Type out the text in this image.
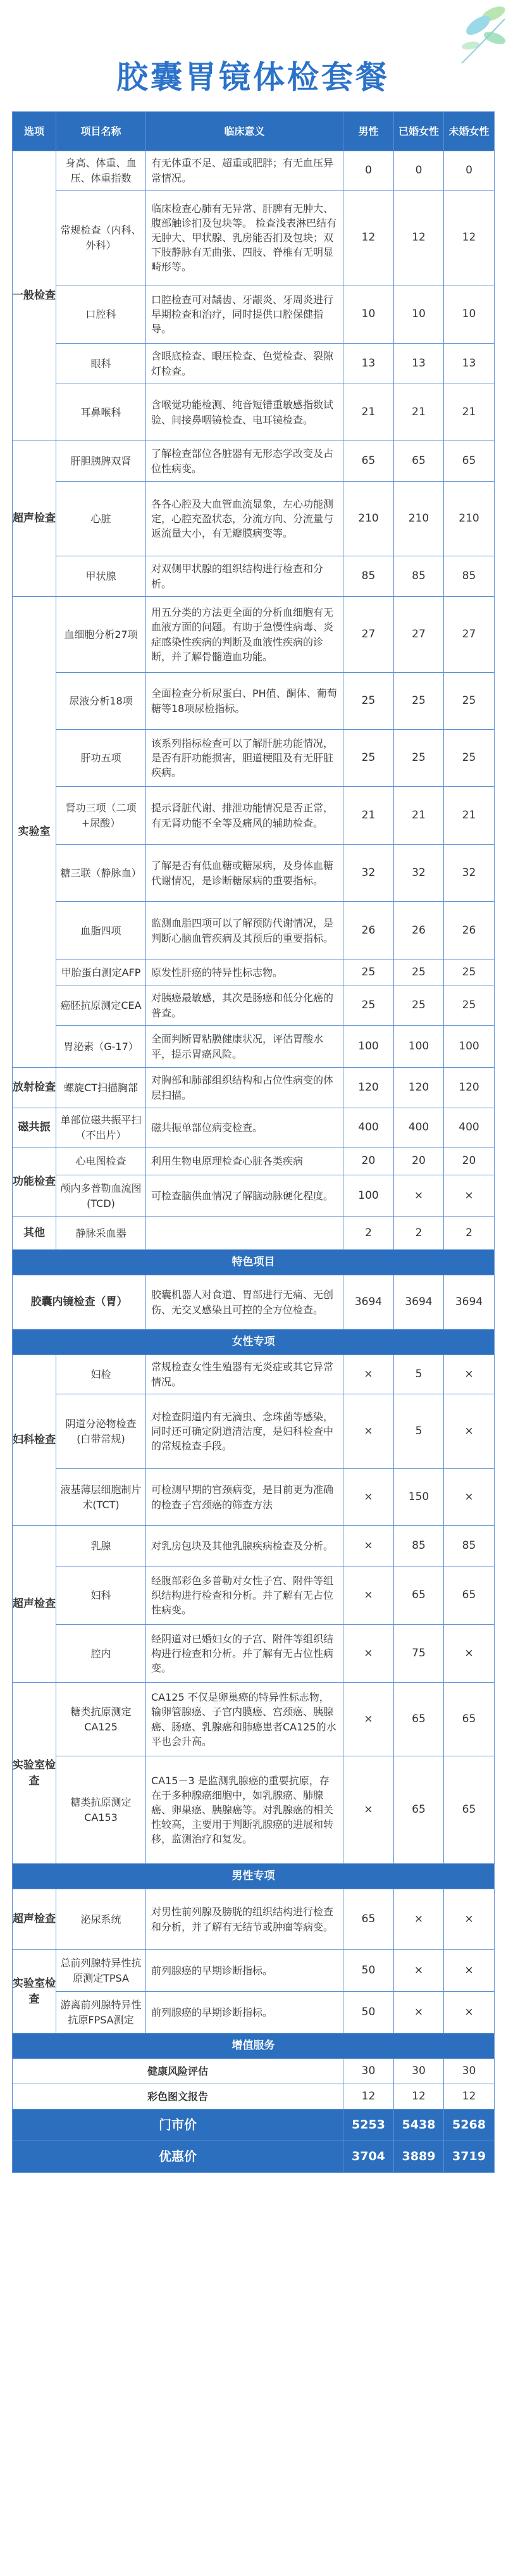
胶囊胃镜体检套餐
选项	项目名称	临床意义	男性	已婚女性	未婚女性
一般检查	身高、体重、血压、体重指数	有无体重不足、超重或肥胖；有无血压异常情况。	0	0	0
	常规检查（内科、外科）	临床检查心肺有无异常、肝脾有无肿大、腹部触诊扪及包块等。 检查浅表淋巴结有无肿大、甲状腺、乳房能否扪及包块；双下肢静脉有无曲张、四肢、脊椎有无明显畸形等。	12	12	12
	口腔科	口腔检查可对龋齿、牙龈炎、牙周炎进行早期检查和治疗，同时提供口腔保健指导。	10	10	10
	眼科	含眼底检查、眼压检查、色觉检查、裂隙灯检查。	13	13	13
	耳鼻喉科	含喉觉功能检测、纯音短错重敏感指数试验、间接鼻咽镜检查、电耳镜检查。	21	21	21
超声检查	肝胆胰脾双肾	了解检查部位各脏器有无形态学改变及占位性病变。	65	65	65
	心脏	各各心腔及大血管血流显象，左心功能测定，心腔充盈状态，分流方向、分流量与返流量大小，有无瓣膜病变等。	210	210	210
	甲状腺	对双侧甲状腺的组织结构进行检查和分析。	85	85	85
实验室	血细胞分析27项	用五分类的方法更全面的分析血细胞有无血液方面的问题。有助于急慢性病毒、炎症感染性疾病的判断及血液性疾病的诊断，并了解骨髓造血功能。	27	27	27
	尿液分析18项	全面检查分析尿蛋白、PH值、酮体、葡萄糖等18项尿检指标。	25	25	25
	肝功五项	该系列指标检查可以了解肝脏功能情况，是否有肝功能损害，胆道梗阻及有无肝脏疾病。	25	25	25
	肾功三项（二项+尿酸）	提示肾脏代谢、排泄功能情况是否正常，有无肾功能不全等及痛风的辅助检查。	21	21	21
	糖三联（静脉血）	了解是否有低血糖或糖尿病，及身体血糖代谢情况，是诊断糖尿病的重要指标。	32	32	32
	血脂四项	监测血脂四项可以了解预防代谢情况，是判断心脑血管疾病及其预后的重要指标。	26	26	26
	甲胎蛋白测定AFP	原发性肝癌的特异性标志物。	25	25	25
	癌胚抗原测定CEA	对胰癌最敏感，其次是肠癌和低分化癌的普查。	25	25	25
	胃泌素（G-17）	全面判断胃粘膜健康状况，评估胃酸水平，提示胃癌风险。	100	100	100
放射检查	螺旋CT扫描胸部	对胸部和肺部组织结构和占位性病变的体层扫描。	120	120	120
磁共振	单部位磁共振平扫（不出片）	磁共振单部位病变检查。	400	400	400
功能检查	心电图检查	利用生物电原理检查心脏各类疾病	20	20	20
	颅内多普勒血流图(TCD)	可检查脑供血情况了解脑动脉硬化程度。	100	×	×
其他	静脉采血器		2	2	2
特色项目					
胶囊内镜检查（胃）		胶囊机器人对食道、胃部进行无痛、无创伤、无交叉感染且可控的全方位检查。	3694	3694	3694
女性专项					
妇科检查	妇检	常规检查女性生殖器有无炎症或其它异常情况。	×	5	×
	阴道分泌物检查(白带常规)	对检查阴道内有无滴虫、念珠菌等感染，同时还可确定阴道清洁度，是妇科检查中的常规检查手段。	×	5	×
	液基薄层细胞制片术(TCT)	可检测早期的宫颈病变，是目前更为准确的检查子宫颈癌的筛查方法	×	150	×
超声检查	乳腺	对乳房包块及其他乳腺疾病检查及分析。	×	85	85
	妇科	经腹部彩色多普勒对女性子宫、附件等组织结构进行检查和分析。并了解有无占位性病变。	×	65	65
	腔内	经阴道对已婚妇女的子宫、附件等组织结构进行检查和分析。并了解有无占位性病变。	×	75	×
实验室检查	糖类抗原测定CA125	CA125 不仅是卵巢癌的特异性标志物，输卵管腺癌、子宫内膜癌、宫颈癌、胰腺癌、肠癌、乳腺癌和肺癌患者CA125的水平也会升高。	×	65	65
	糖类抗原测定CA153	CA15－3 是监测乳腺癌的重要抗原，存在于多种腺癌细胞中，如乳腺癌、肺腺癌、卵巢癌、胰腺癌等。对乳腺癌的相关性较高，主要用于判断乳腺癌的进展和转移，监测治疗和复发。	×	65	65
男性专项					
超声检查	泌尿系统	对男性前列腺及膀胱的组织结构进行检查和分析，并了解有无结节或肿瘤等病变。	65	×	×
实验室检查	总前列腺特异性抗原测定TPSA	前列腺癌的早期诊断指标。	50	×	×
	游离前列腺特异性抗原FPSA测定	前列腺癌的早期诊断指标。	50	×	×
增值服务					
健康风险评估			30	30	30
彩色图文报告			12	12	12
门市价			5253	5438	5268
优惠价			3704	3889	3719
